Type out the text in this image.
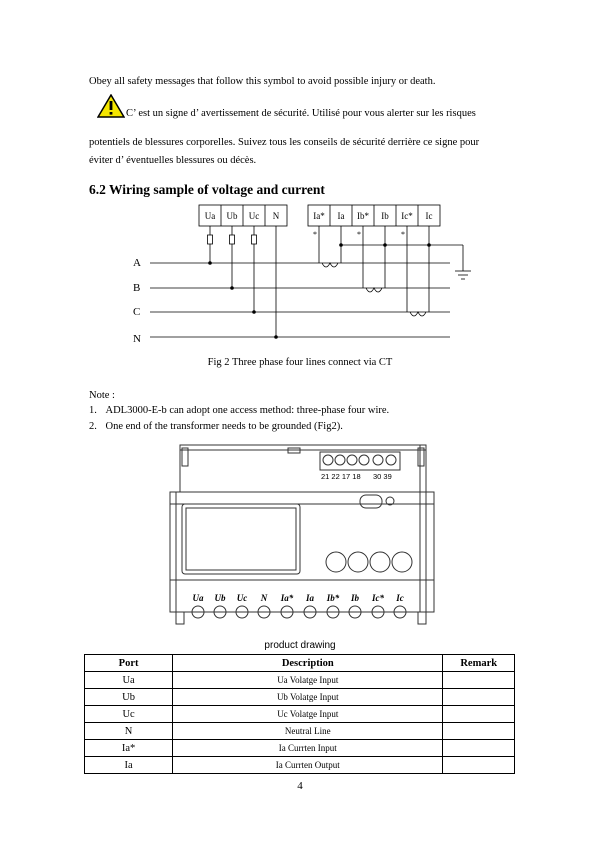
Obey all safety messages that follow this symbol to avoid possible injury or death.
C’ est un signe d’ avertissement de sécurité. Utilisé pour vous alerter sur les risques
potentiels de blessures corporelles. Suivez tous les conseils de sécurité derrière ce signe pour
éviter d’ éventuelles blessures ou décès.
6.2 Wiring sample of voltage and current
Ua Ub Uc N	Ia* Ia Ib* Ib Ic* Ic
*	*	*
A
B
C
N
Fig 2 Three phase four lines connect via CT
Note :
1. ADL3000-E-b can adopt one access method: three-phase four wire.
2. One end of the transformer needs to be grounded (Fig2).
21 22 17 18 30 39
Ua Ub Uc N Ia* Ia Ib* Ib Ic* Ic
product drawing
Port	Description	Remark
Ua	Ua Volatge Input	
Ub	Ub Volatge Input	
Uc	Uc Volatge Input	
N	Neutral Line	
Ia*	Ia Currten Input	
Ia	Ia Currten Output	
4
